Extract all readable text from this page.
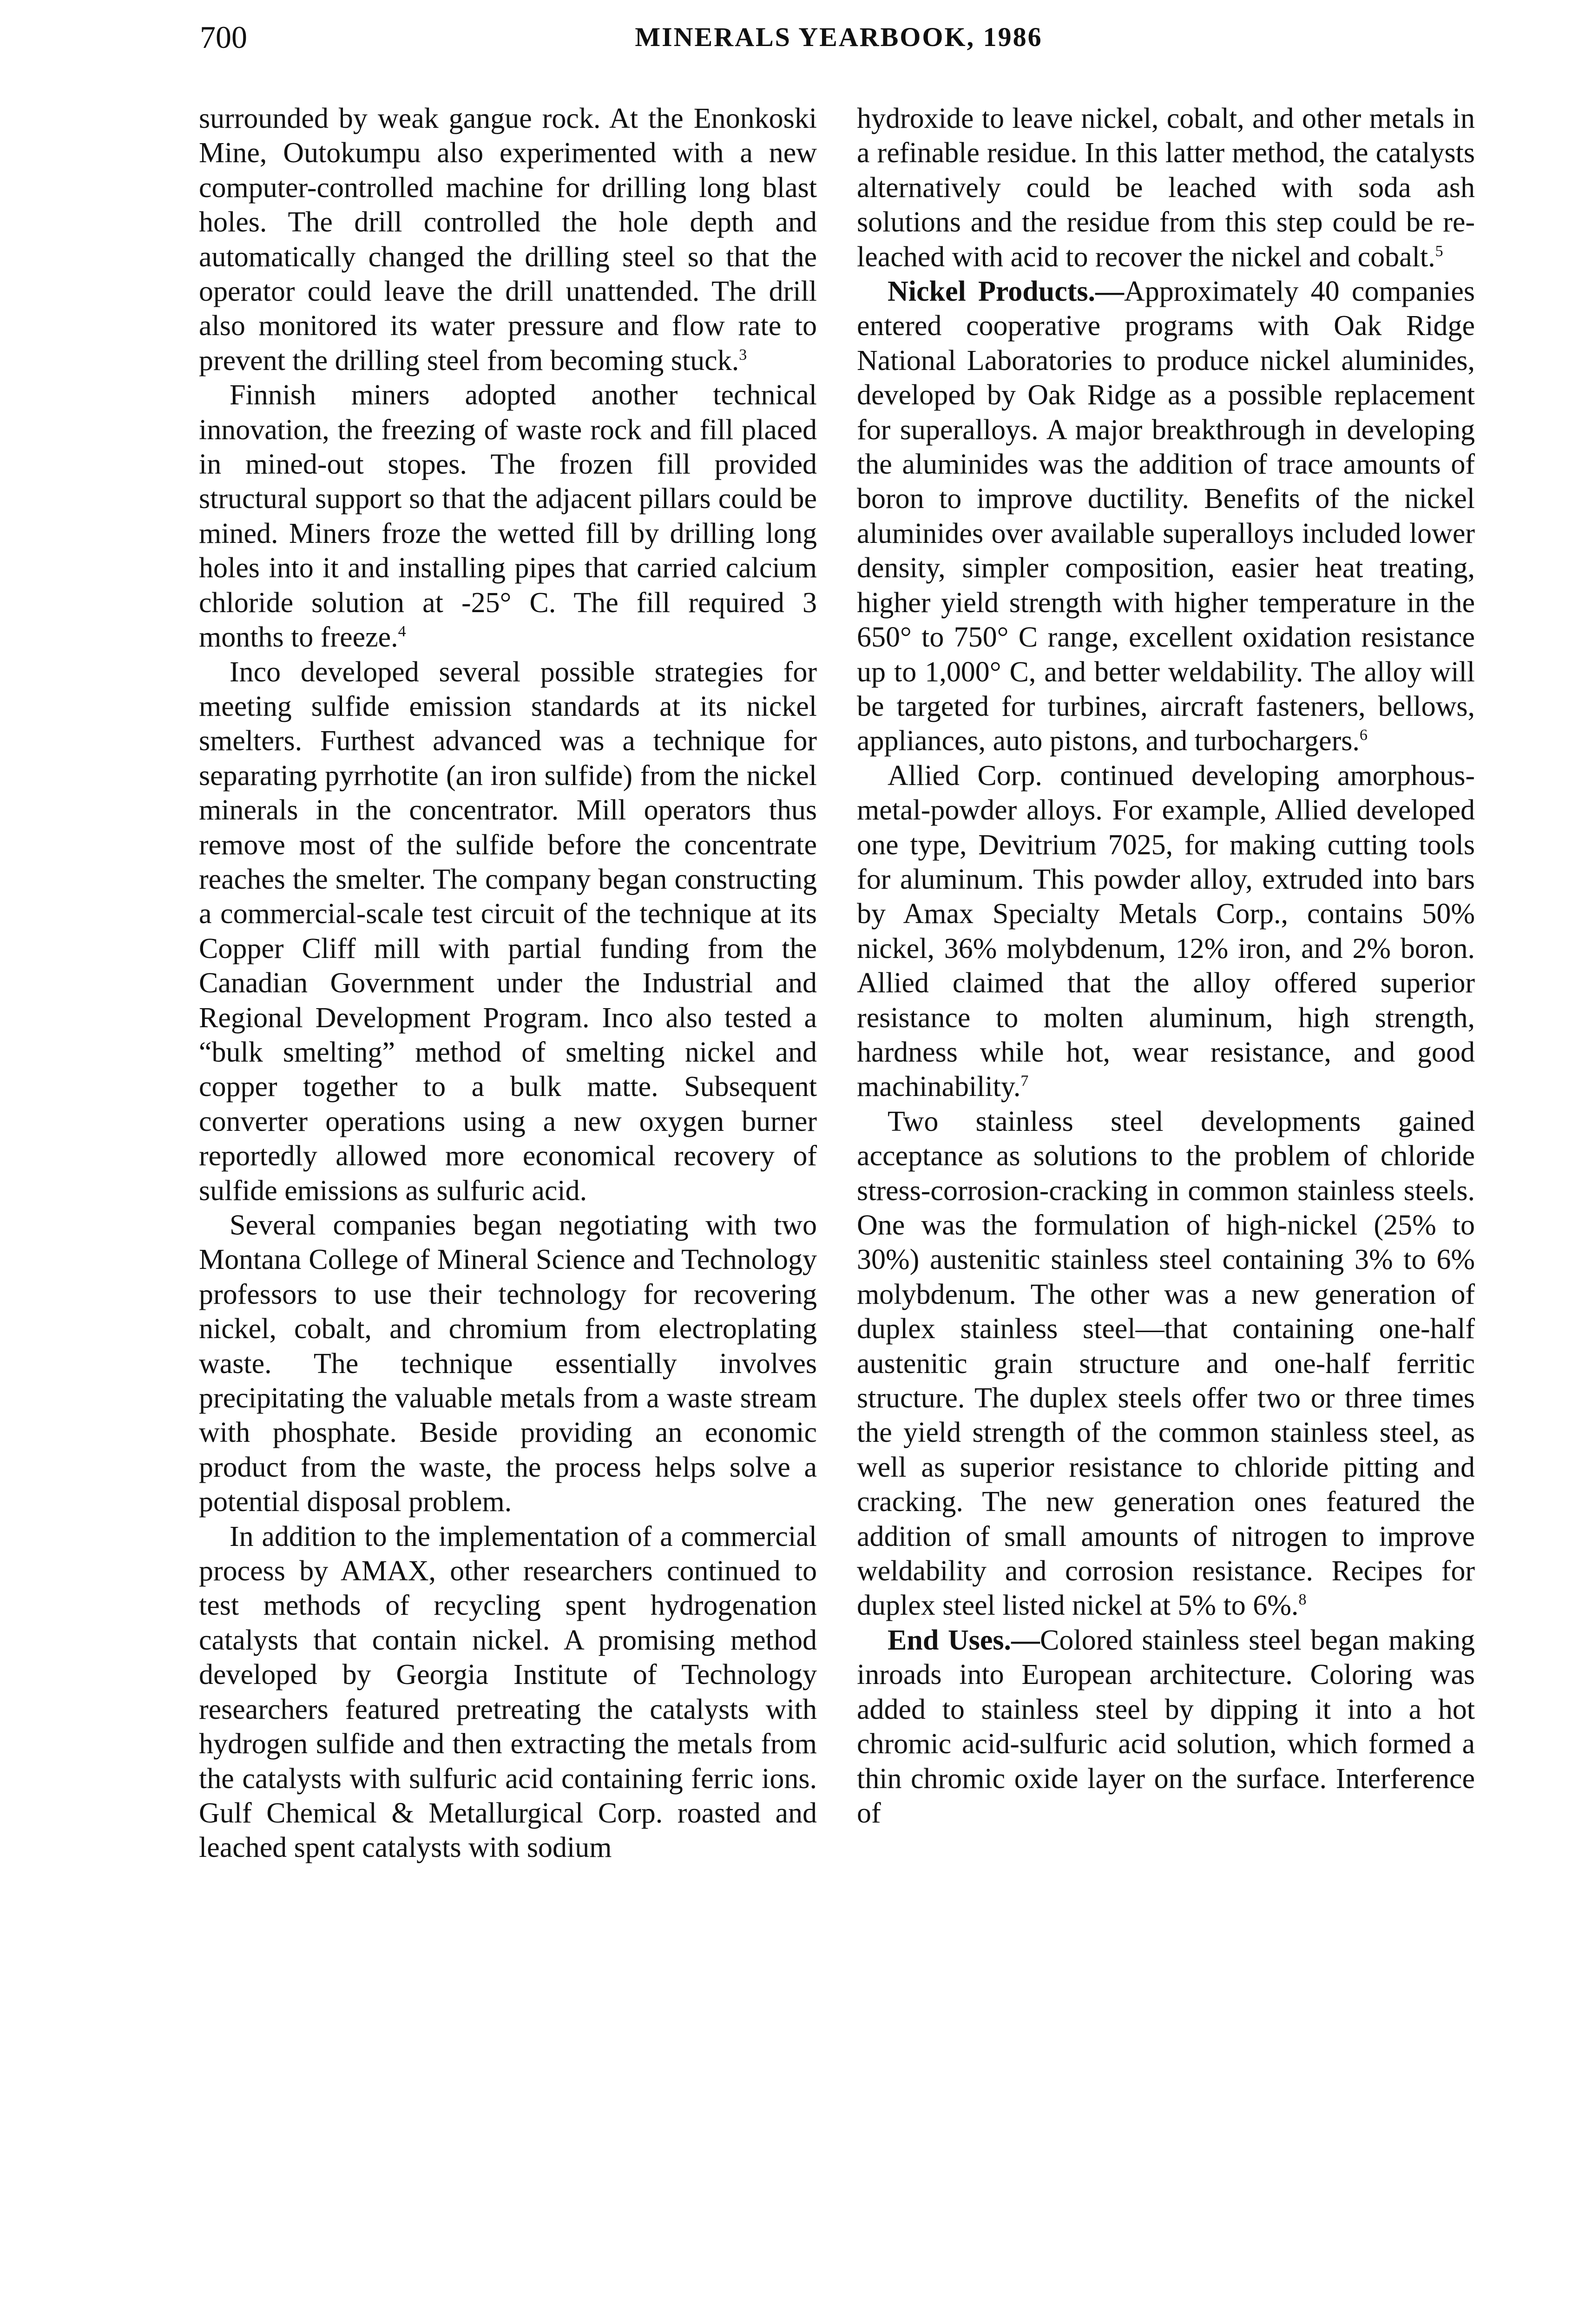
700	MINERALS YEARBOOK, 1986

surrounded by weak gangue rock. At the Enonkoski Mine, Outokumpu also experimented with a new computer-controlled machine for drilling long blast holes. The drill controlled the hole depth and automatically changed the drilling steel so that the operator could leave the drill unattended. The drill also monitored its water pressure and flow rate to prevent the drilling steel from becoming stuck.$^3$

Finnish miners adopted another technical innovation, the freezing of waste rock and fill placed in mined-out stopes. The frozen fill provided structural support so that the adjacent pillars could be mined. Miners froze the wetted fill by drilling long holes into it and installing pipes that carried calcium chloride solution at -25° C. The fill required 3 months to freeze.$^4$

Inco developed several possible strategies for meeting sulfide emission standards at its nickel smelters. Furthest advanced was a technique for separating pyrrhotite (an iron sulfide) from the nickel minerals in the concentrator. Mill operators thus remove most of the sulfide before the concentrate reaches the smelter. The company began constructing a commercial-scale test circuit of the technique at its Copper Cliff mill with partial funding from the Canadian Government under the Industrial and Regional Development Program. Inco also tested a “bulk smelting” method of smelting nickel and copper together to a bulk matte. Subsequent converter operations using a new oxygen burner reportedly allowed more economical recovery of sulfide emissions as sulfuric acid.

Several companies began negotiating with two Montana College of Mineral Science and Technology professors to use their technology for recovering nickel, cobalt, and chromium from electroplating waste. The technique essentially involves precipitating the valuable metals from a waste stream with phosphate. Beside providing an economic product from the waste, the process helps solve a potential disposal problem.

In addition to the implementation of a commercial process by AMAX, other researchers continued to test methods of recycling spent hydrogenation catalysts that contain nickel. A promising method developed by Georgia Institute of Technology researchers featured pretreating the catalysts with hydrogen sulfide and then extracting the metals from the catalysts with sulfuric acid containing ferric ions. Gulf Chemical & Metallurgical Corp. roasted and leached spent catalysts with sodium

hydroxide to leave nickel, cobalt, and other metals in a refinable residue. In this latter method, the catalysts alternatively could be leached with soda ash solutions and the residue from this step could be re-leached with acid to recover the nickel and cobalt.$^5$

Nickel Products.—Approximately 40 companies entered cooperative programs with Oak Ridge National Laboratories to produce nickel aluminides, developed by Oak Ridge as a possible replacement for superalloys. A major breakthrough in developing the aluminides was the addition of trace amounts of boron to improve ductility. Benefits of the nickel aluminides over available superalloys included lower density, simpler composition, easier heat treating, higher yield strength with higher temperature in the 650° to 750° C range, excellent oxidation resistance up to 1,000° C, and better weldability. The alloy will be targeted for turbines, aircraft fasteners, bellows, appliances, auto pistons, and turbochargers.$^6$

Allied Corp. continued developing amorphous-metal-powder alloys. For example, Allied developed one type, Devitrium 7025, for making cutting tools for aluminum. This powder alloy, extruded into bars by Amax Specialty Metals Corp., contains 50% nickel, 36% molybdenum, 12% iron, and 2% boron. Allied claimed that the alloy offered superior resistance to molten aluminum, high strength, hardness while hot, wear resistance, and good machinability.$^7$

Two stainless steel developments gained acceptance as solutions to the problem of chloride stress-corrosion-cracking in common stainless steels. One was the formulation of high-nickel (25% to 30%) austenitic stainless steel containing 3% to 6% molybdenum. The other was a new generation of duplex stainless steel—that containing one-half austenitic grain structure and one-half ferritic structure. The duplex steels offer two or three times the yield strength of the common stainless steel, as well as superior resistance to chloride pitting and cracking. The new generation ones featured the addition of small amounts of nitrogen to improve weldability and corrosion resistance. Recipes for duplex steel listed nickel at 5% to 6%.$^8$

End Uses.—Colored stainless steel began making inroads into European architecture. Coloring was added to stainless steel by dipping it into a hot chromic acid-sulfuric acid solution, which formed a thin chromic oxide layer on the surface. Interference of
